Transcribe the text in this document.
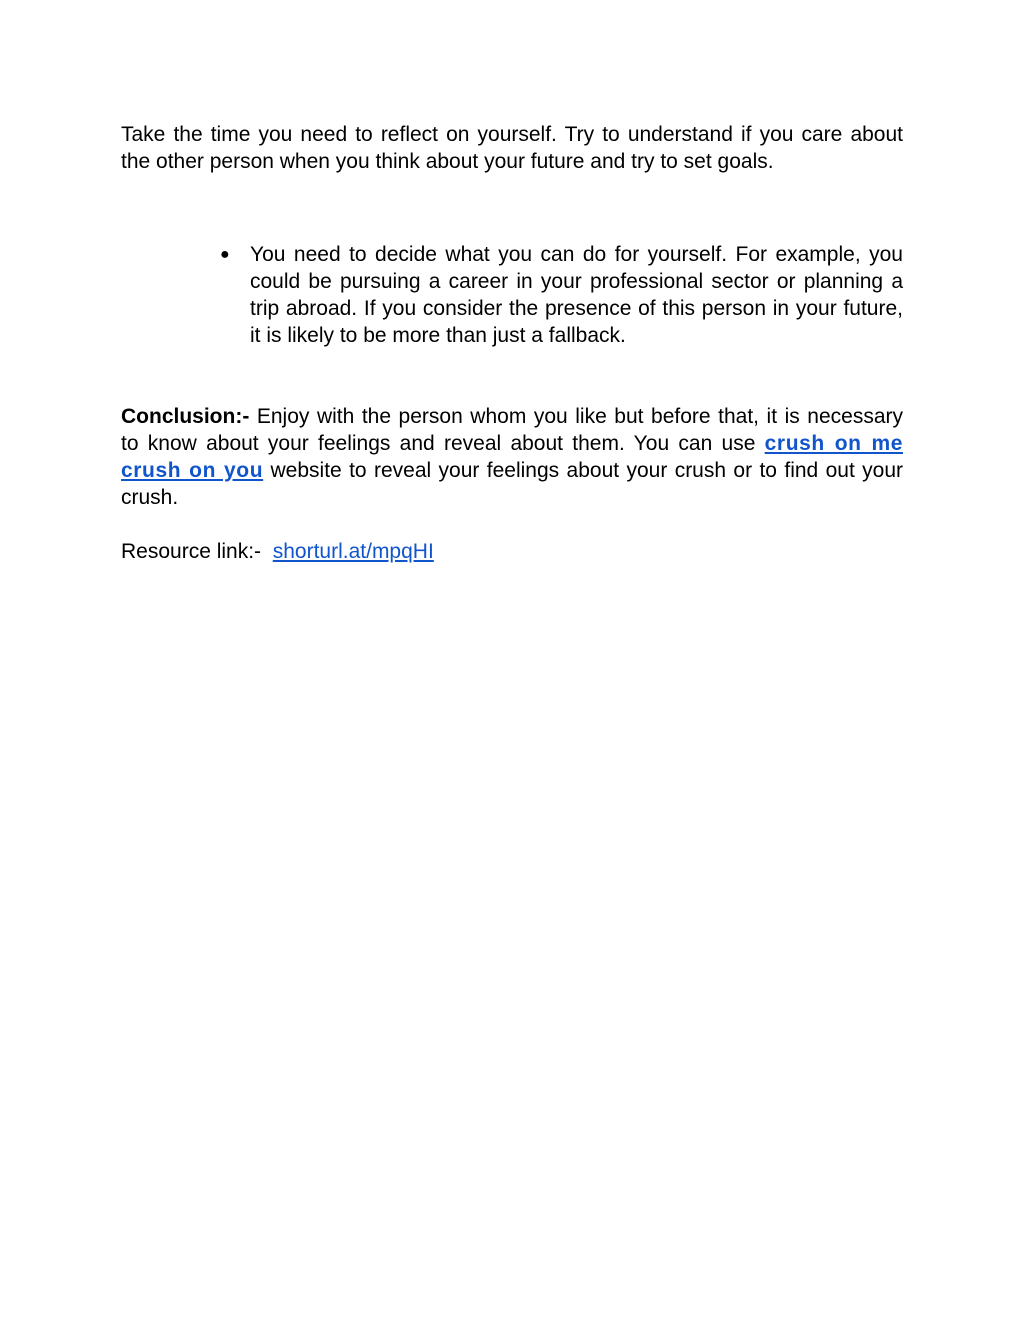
Take the time you need to reflect on yourself. Try to understand if you care about the other person when you think about your future and try to set goals.

● You need to decide what you can do for yourself. For example, you could be pursuing a career in your professional sector or planning a trip abroad. If you consider the presence of this person in your future, it is likely to be more than just a fallback.

Conclusion:- Enjoy with the person whom you like but before that, it is necessary to know about your feelings and reveal about them. You can use crush on me crush on you website to reveal your feelings about your crush or to find out your crush.

Resource link:- shorturl.at/mpqHI
